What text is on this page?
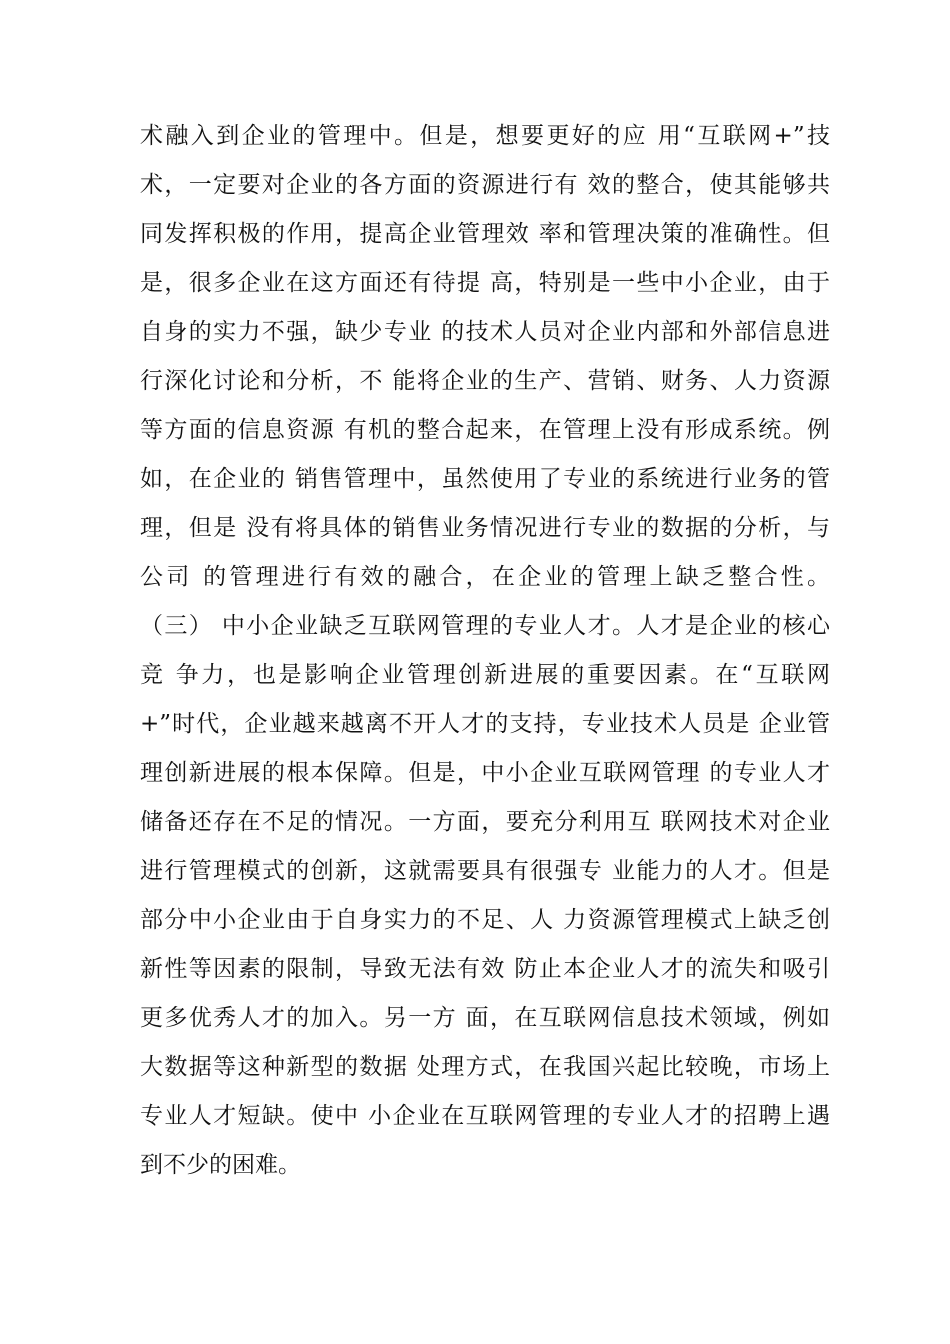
术融入到企业的管理中。但是，想要更好的应 用“互联网+”技
术，一定要对企业的各方面的资源进行有 效的整合，使其能够共
同发挥积极的作用，提高企业管理效 率和管理决策的准确性。但
是，很多企业在这方面还有待提 高，特别是一些中小企业，由于
自身的实力不强，缺少专业 的技术人员对企业内部和外部信息进
行深化讨论和分析，不 能将企业的生产、营销、财务、人力资源
等方面的信息资源 有机的整合起来，在管理上没有形成系统。例
如，在企业的 销售管理中，虽然使用了专业的系统进行业务的管
理，但是 没有将具体的销售业务情况进行专业的数据的分析，与
公司 的管理进行有效的融合，在企业的管理上缺乏整合性。
（三） 中小企业缺乏互联网管理的专业人才。人才是企业的核心
竞 争力，也是影响企业管理创新进展的重要因素。在“互联网
+”时代，企业越来越离不开人才的支持，专业技术人员是 企业管
理创新进展的根本保障。但是，中小企业互联网管理 的专业人才
储备还存在不足的情况。一方面，要充分利用互 联网技术对企业
进行管理模式的创新，这就需要具有很强专 业能力的人才。但是
部分中小企业由于自身实力的不足、人 力资源管理模式上缺乏创
新性等因素的限制，导致无法有效 防止本企业人才的流失和吸引
更多优秀人才的加入。另一方 面，在互联网信息技术领域，例如
大数据等这种新型的数据 处理方式，在我国兴起比较晚，市场上
专业人才短缺。使中 小企业在互联网管理的专业人才的招聘上遇
到不少的困难。
